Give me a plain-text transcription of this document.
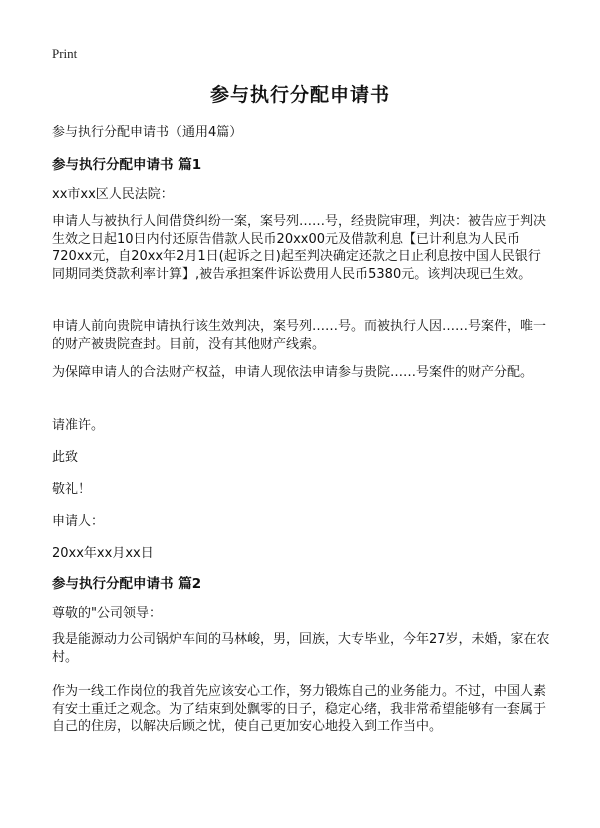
Print
参与执行分配申请书
参与执行分配申请书（通用4篇）
参与执行分配申请书 篇1
xx市xx区人民法院：
申请人与被执行人间借贷纠纷一案，案号列……号，经贵院审理，判决：被告应于判决生效之日起10日内付还原告借款人民币20xx00元及借款利息【已计利息为人民币720xx元，自20xx年2月1日(起诉之日)起至判决确定还款之日止利息按中国人民银行同期同类贷款利率计算】,被告承担案件诉讼费用人民币5380元。该判决现已生效。
申请人前向贵院申请执行该生效判决，案号列……号。而被执行人因……号案件，唯一的财产被贵院查封。目前，没有其他财产线索。
为保障申请人的合法财产权益，申请人现依法申请参与贵院……号案件的财产分配。
请准许。
此致
敬礼！
申请人：
20xx年xx月xx日
参与执行分配申请书 篇2
尊敬的"公司领导：
我是能源动力公司锅炉车间的马林峻，男，回族，大专毕业，今年27岁，未婚，家在农村。
作为一线工作岗位的我首先应该安心工作，努力锻炼自己的业务能力。不过，中国人素有安土重迁之观念。为了结束到处飘零的日子，稳定心绪，我非常希望能够有一套属于自己的住房，以解决后顾之忧，使自己更加安心地投入到工作当中。
